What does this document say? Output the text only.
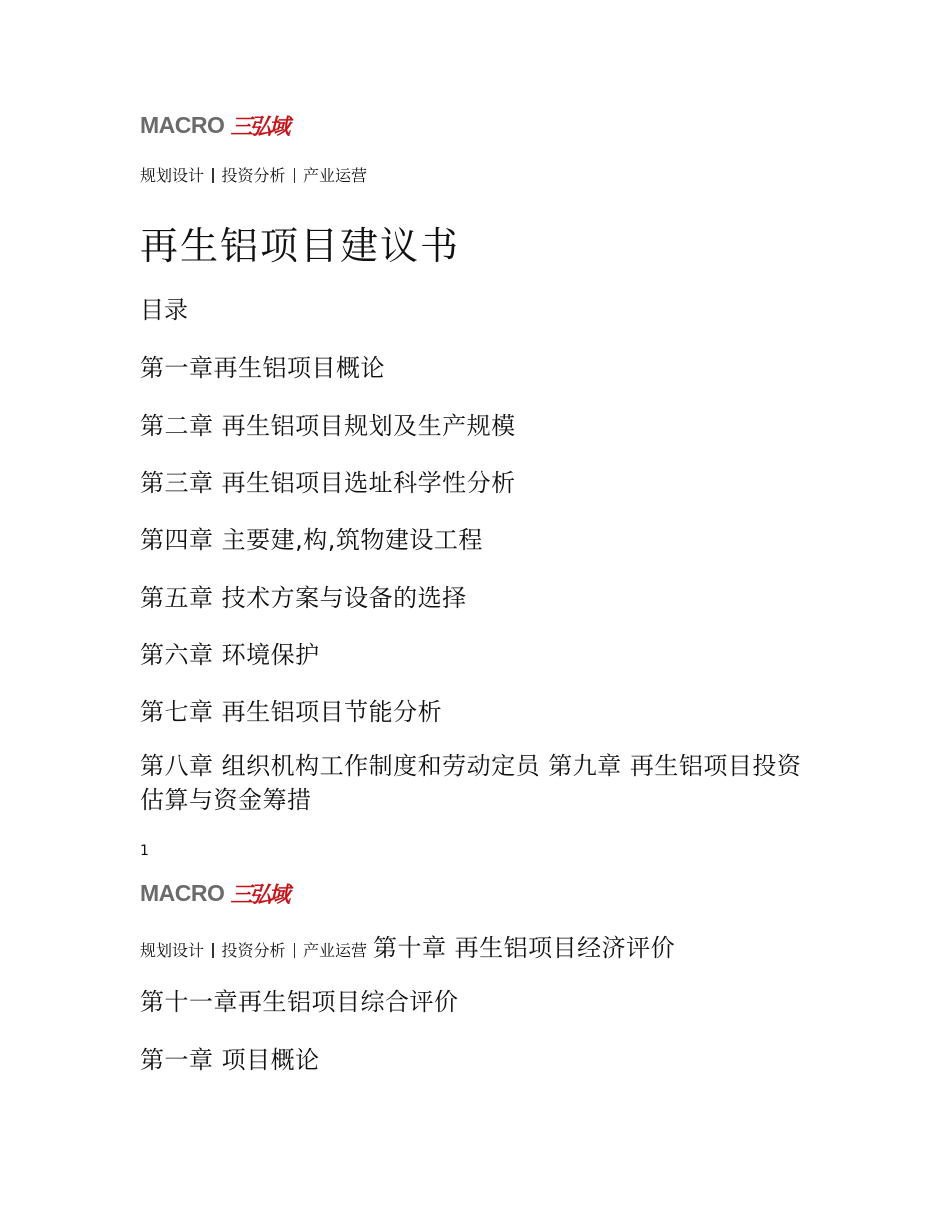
MACRO 三弘域
规划设计 投资分析 产业运营
再生铝项目建议书
目录
第一章再生铝项目概论
第二章 再生铝项目规划及生产规模
第三章 再生铝项目选址科学性分析
第四章 主要建,构,筑物建设工程
第五章 技术方案与设备的选择
第六章 环境保护
第七章 再生铝项目节能分析
第八章 组织机构工作制度和劳动定员 第九章 再生铝项目投资估算与资金筹措
1
MACRO 三弘域
规划设计 投资分析 产业运营 第十章 再生铝项目经济评价
第十一章再生铝项目综合评价
第一章 项目概论
